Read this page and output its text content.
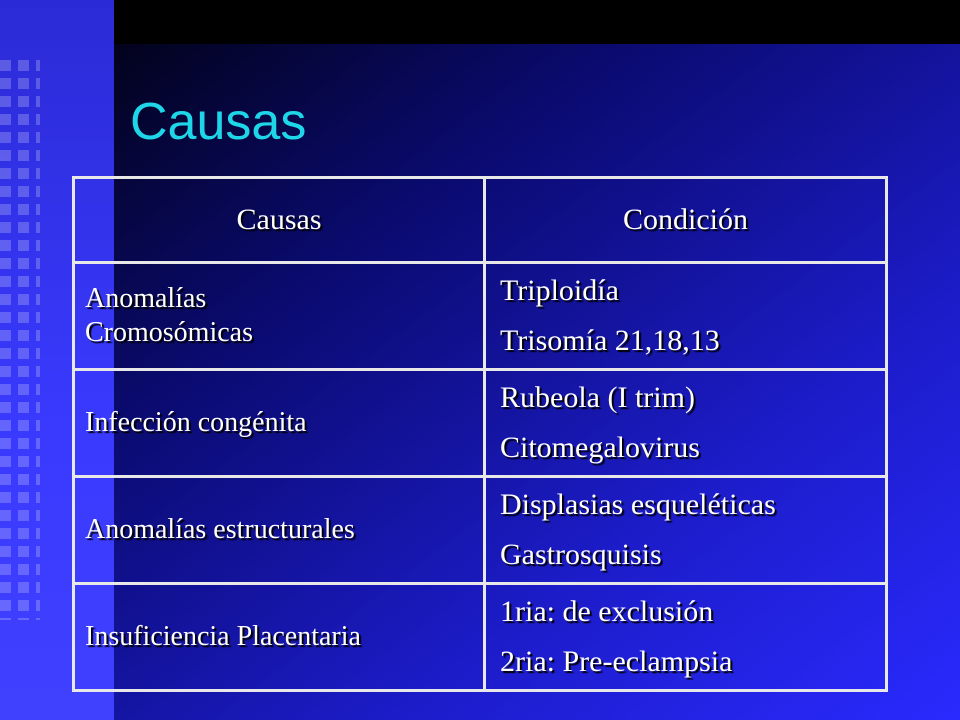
Causas
Causas	Condición

Anomalías
Cromosómicas	Triploidía
Trisomía 21,18,13

Infección congénita	Rubeola (I trim)
Citomegalovirus

Anomalías estructurales	Displasias esqueléticas
Gastrosquisis

Insuficiencia Placentaria	1ria: de exclusión
2ria: Pre-eclampsia
